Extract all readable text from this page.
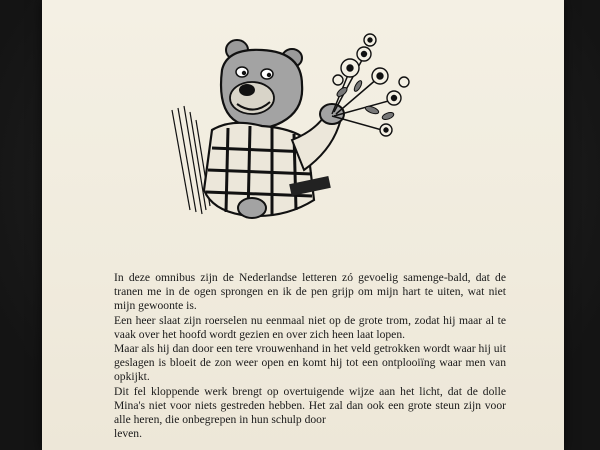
In deze omnibus zijn de Nederlandse letteren zó gevoelig samenge-bald, dat de tranen me in de ogen sprongen en ik de pen grijp om mijn hart te uiten, wat niet mijn gewoonte is.

Een heer slaat zijn roerselen nu eenmaal niet op de grote trom, zodat hij maar al te vaak over het hoofd wordt gezien en over zich heen laat lopen.

Maar als hij dan door een tere vrouwenhand in het veld getrokken wordt waar hij uit geslagen is bloeit de zon weer open en komt hij tot een ontplooiïng waar men van opkijkt.

Dit fel kloppende werk brengt op overtuigende wijze aan het licht, dat de dolle Mina's niet voor niets gestreden hebben. Het zal dan ook een grote steun zijn voor alle heren, die onbegrepen in hun schulp door

leven.
